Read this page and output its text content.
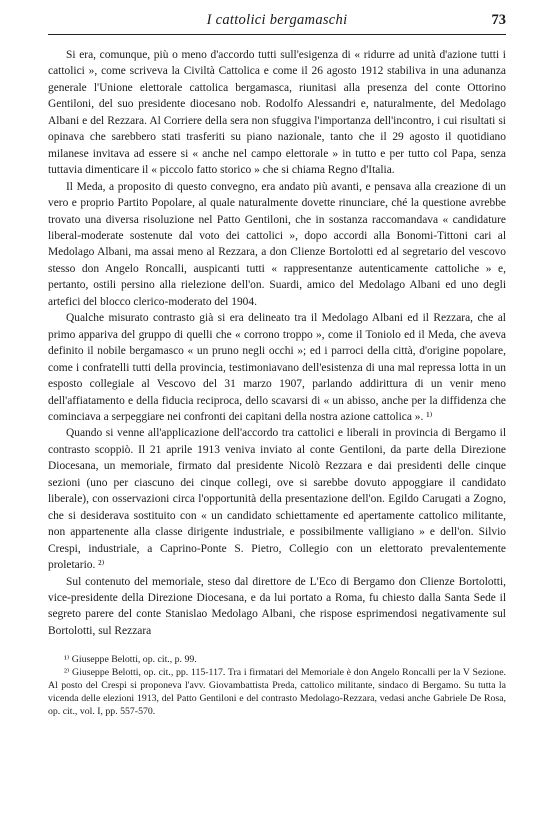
I cattolici bergamaschi	73

Si era, comunque, più o meno d'accordo tutti sull'esigenza di « ridurre ad unità d'azione tutti i cattolici », come scriveva la Civiltà Cattolica e come il 26 agosto 1912 stabiliva in una adunanza generale l'Unione elettorale cattolica bergamasca, riunitasi alla presenza del conte Ottorino Gentiloni, del suo presidente diocesano nob. Rodolfo Alessandri e, naturalmente, del Medolago Albani e del Rezzara. Al Corriere della sera non sfuggiva l'importanza dell'incontro, i cui risultati si opinava che sarebbero stati trasferiti su piano nazionale, tanto che il 29 agosto il quotidiano milanese invitava ad essere si « anche nel campo elettorale » in tutto e per tutto col Papa, senza tuttavia dimenticare il « piccolo fatto storico » che si chiama Regno d'Italia.

Il Meda, a proposito di questo convegno, era andato più avanti, e pensava alla creazione di un vero e proprio Partito Popolare, al quale naturalmente dovette rinunciare, ché la questione avrebbe trovato una diversa risoluzione nel Patto Gentiloni, che in sostanza raccomandava « candidature liberal-moderate sostenute dal voto dei cattolici », dopo accordi alla Bonomi-Tittoni cari al Medolago Albani, ma assai meno al Rezzara, a don Clienze Bortolotti ed al segretario del vescovo stesso don Angelo Roncalli, auspicanti tutti « rappresentanze autenticamente cattoliche » e, pertanto, ostili persino alla rielezione dell'on. Suardi, amico del Medolago Albani ed uno degli artefici del blocco clerico-moderato del 1904.

Qualche misurato contrasto già si era delineato tra il Medolago Albani ed il Rezzara, che al primo appariva del gruppo di quelli che « corrono troppo », come il Toniolo ed il Meda, che aveva definito il nobile bergamasco « un pruno negli occhi »; ed i parroci della città, d'origine popolare, come i confratelli tutti della provincia, testimoniavano dell'esistenza di una mal repressa lotta in un esposto collegiale al Vescovo del 31 marzo 1907, parlando addirittura di un venir meno dell'affiatamento e della fiducia reciproca, dello scavarsi di « un abisso, anche per la diffidenza che cominciava a serpeggiare nei confronti dei capitani della nostra azione cattolica ». ¹⁾

Quando si venne all'applicazione dell'accordo tra cattolici e liberali in provincia di Bergamo il contrasto scoppiò. Il 21 aprile 1913 veniva inviato al conte Gentiloni, da parte della Direzione Diocesana, un memoriale, firmato dal presidente Nicolò Rezzara e dai presidenti delle cinque sezioni (uno per ciascuno dei cinque collegi, ove si sarebbe dovuto appoggiare il candidato liberale), con osservazioni circa l'opportunità della presentazione dell'on. Egildo Carugati a Zogno, che si desiderava sostituito con « un candidato schiettamente ed apertamente cattolico militante, non appartenente alla classe dirigente industriale, e possibilmente valligiano » e dell'on. Silvio Crespi, industriale, a Caprino-Ponte S. Pietro, Collegio con un elettorato prevalentemente proletario. ²⁾

Sul contenuto del memoriale, steso dal direttore de L'Eco di Bergamo don Clienze Bortolotti, vice-presidente della Direzione Diocesana, e da lui portato a Roma, fu chiesto dalla Santa Sede il segreto parere del conte Stanislao Medolago Albani, che rispose esprimendosi negativamente sul Bortolotti, sul Rezzara

¹⁾ Giuseppe Belotti, op. cit., p. 99.

²⁾ Giuseppe Belotti, op. cit., pp. 115-117. Tra i firmatari del Memoriale è don Angelo Roncalli per la V Sezione. Al posto del Crespi si proponeva l'avv. Giovambattista Preda, cattolico militante, sindaco di Bergamo. Su tutta la vicenda delle elezioni 1913, del Patto Gentiloni e del contrasto Medolago-Rezzara, vedasi anche Gabriele De Rosa, op. cit., vol. I, pp. 557-570.
